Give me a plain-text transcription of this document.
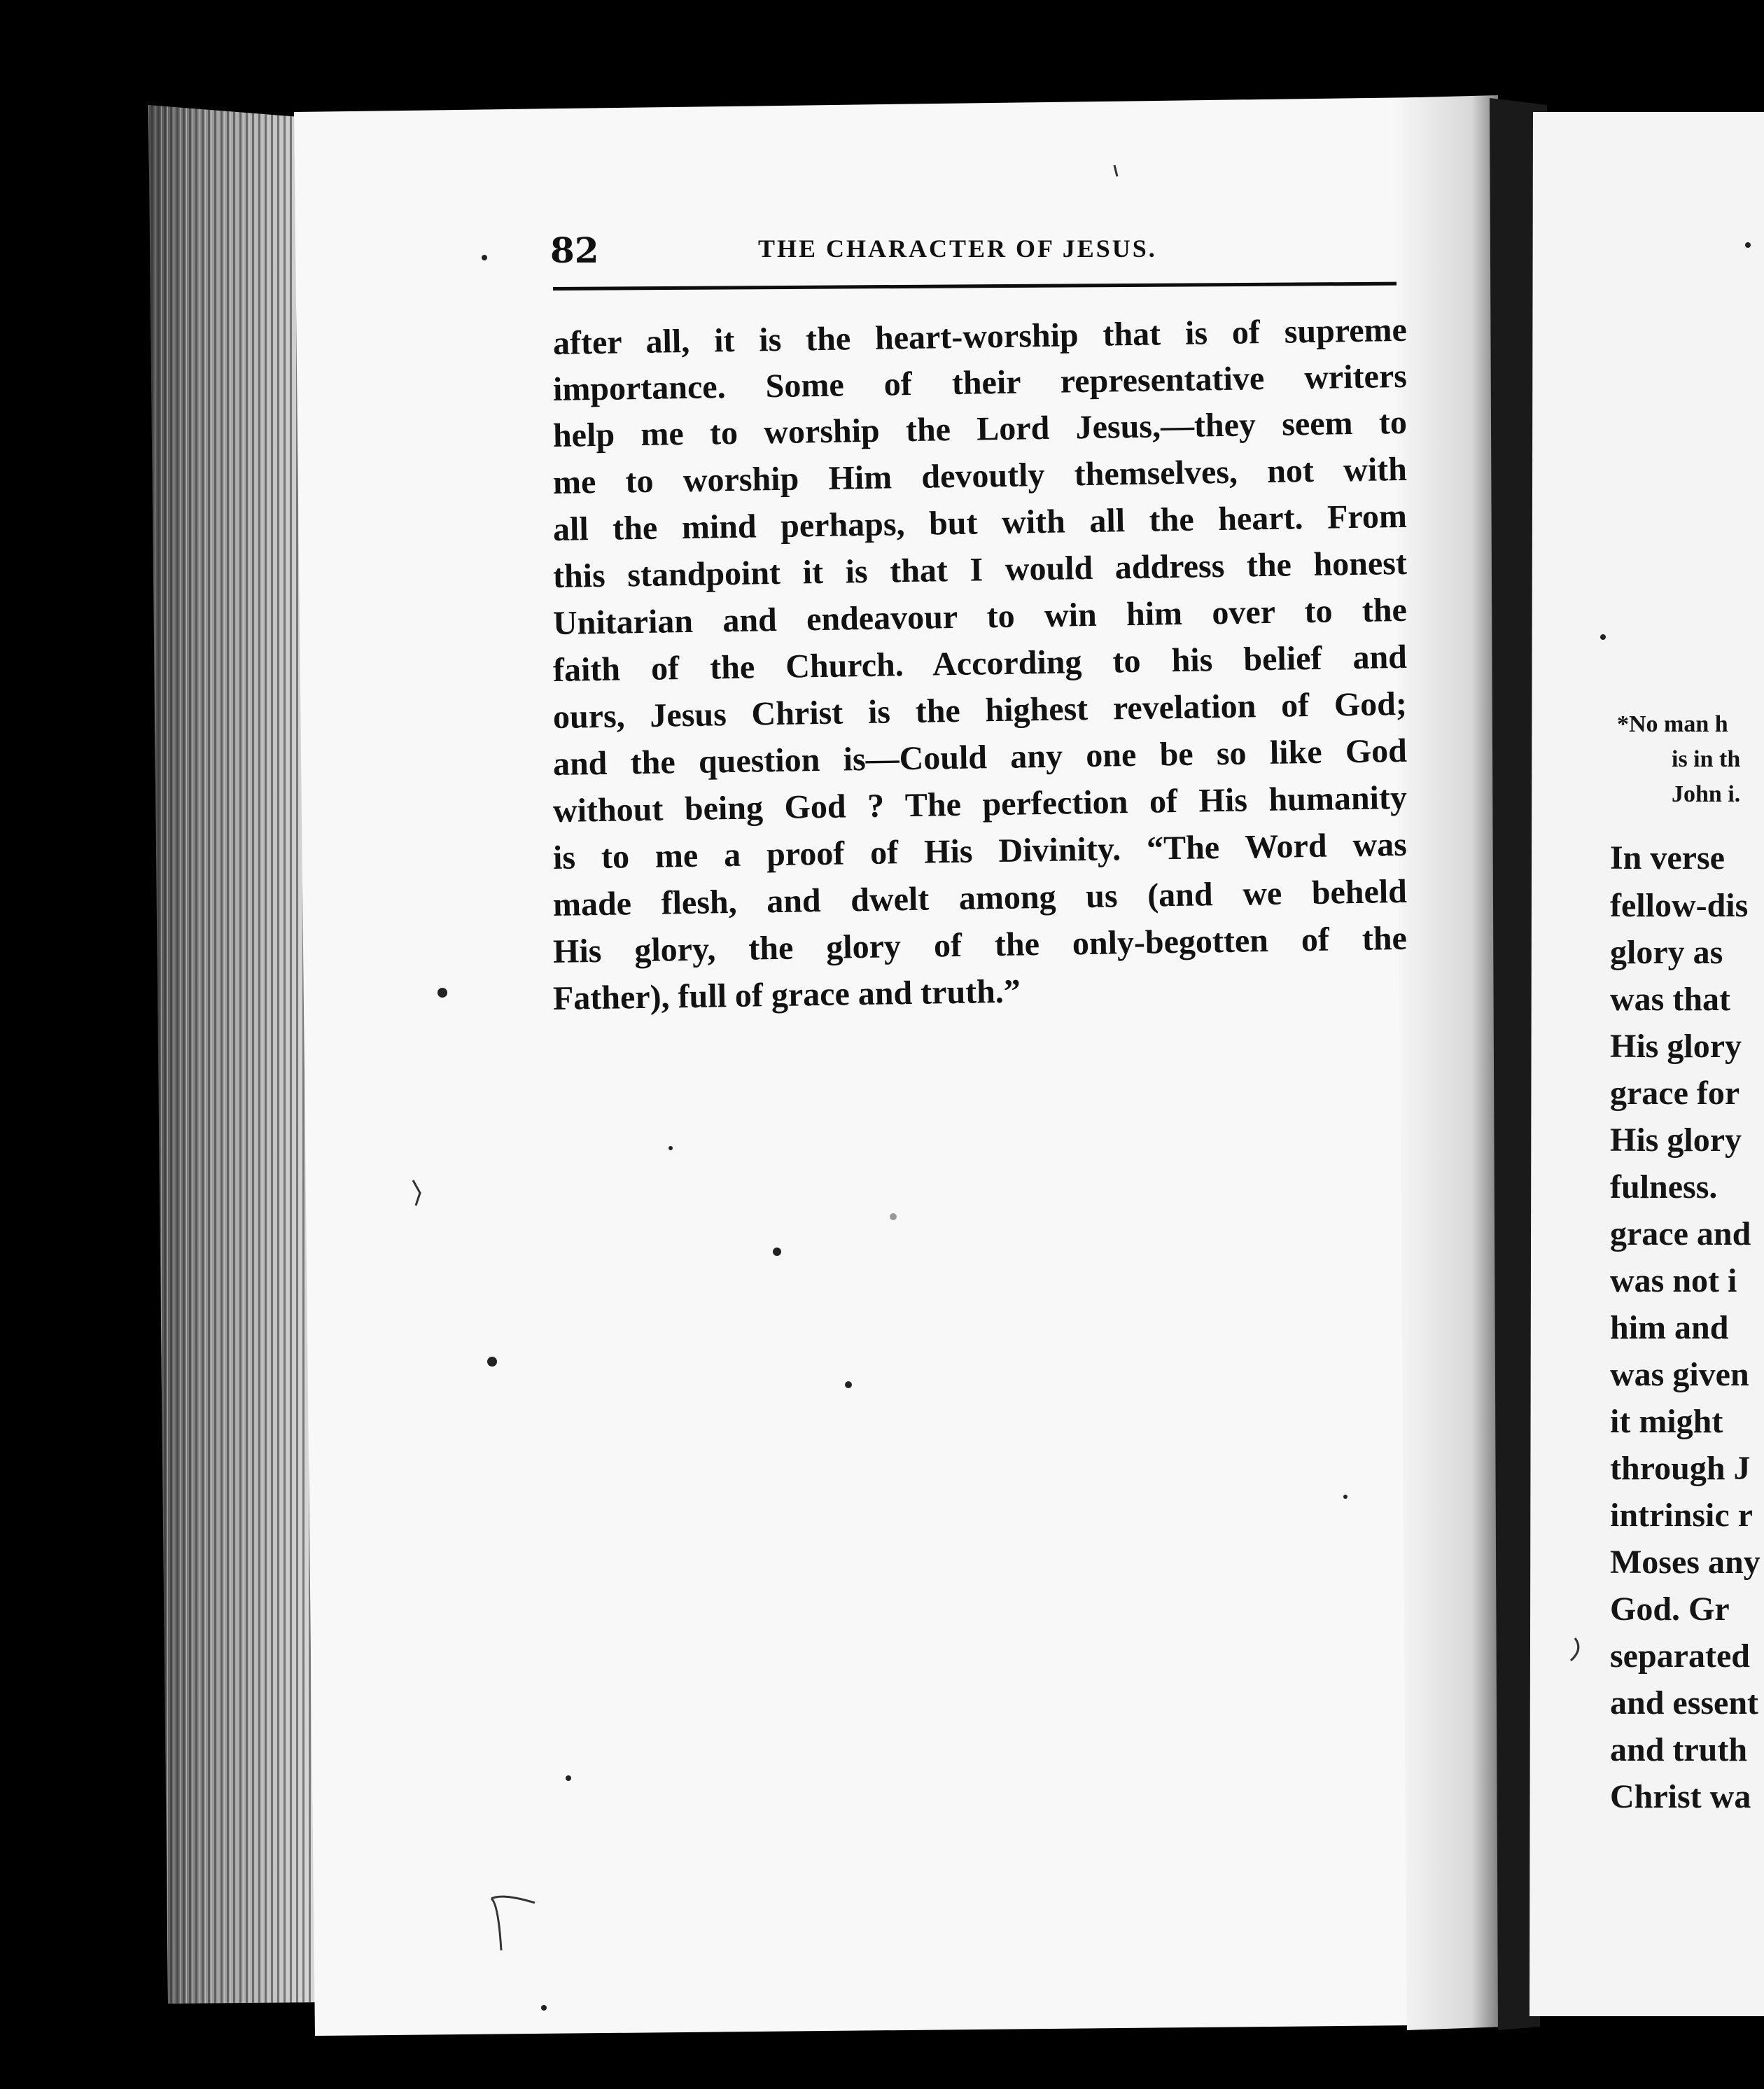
82	THE CHARACTER OF JESUS.
after all, it is the heart-worship that is of supreme
importance. Some of their representative writers
help me to worship the Lord Jesus,—they seem to
me to worship Him devoutly themselves, not with
all the mind perhaps, but with all the heart. From
this standpoint it is that I would address the honest
Unitarian and endeavour to win him over to the
faith of the Church. According to his belief and
ours, Jesus Christ is the highest revelation of God;
and the question is—Could any one be so like God
without being God ? The perfection of His humanity
is to me a proof of His Divinity. “The Word was
made flesh, and dwelt among us (and we beheld
His glory, the glory of the only-begotten of the
Father), full of grace and truth.”
*No man h
is in th
John i.
In verse
fellow-dis
glory as
was that
His glory
grace for
His glory
fulness.
grace and
was not i
him and
was given
it might
through J
intrinsic r
Moses any
God. Gr
separated
and essent
and truth
Christ wa
